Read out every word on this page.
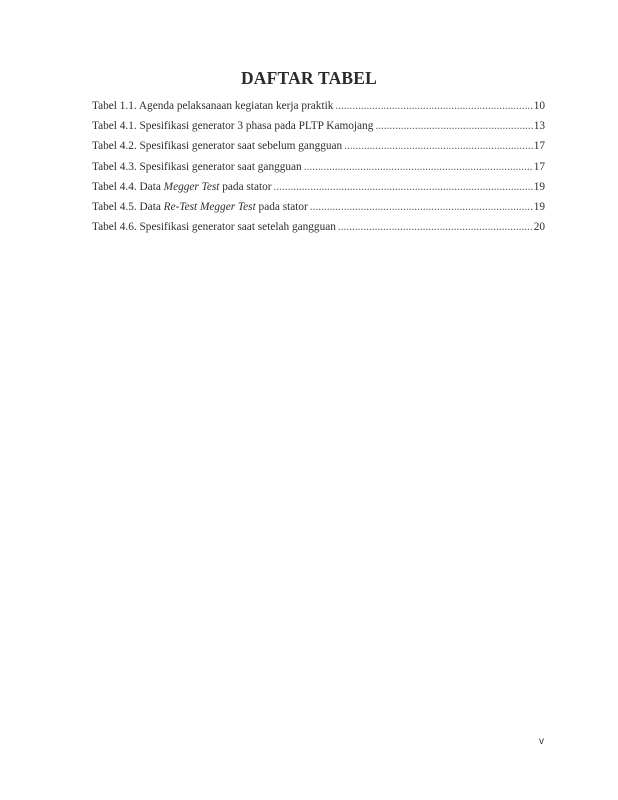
DAFTAR TABEL
Tabel 1.1. Agenda pelaksanaan kegiatan kerja praktik .....	10
Tabel 4.1. Spesifikasi generator 3 phasa pada PLTP Kamojang .....	13
Tabel 4.2. Spesifikasi generator saat sebelum gangguan .....	17
Tabel 4.3. Spesifikasi generator saat gangguan .....	17
Tabel 4.4. Data Megger Test pada stator .....	19
Tabel 4.5. Data Re-Test Megger Test pada stator .....	19
Tabel 4.6. Spesifikasi generator saat setelah gangguan .....	20
v
